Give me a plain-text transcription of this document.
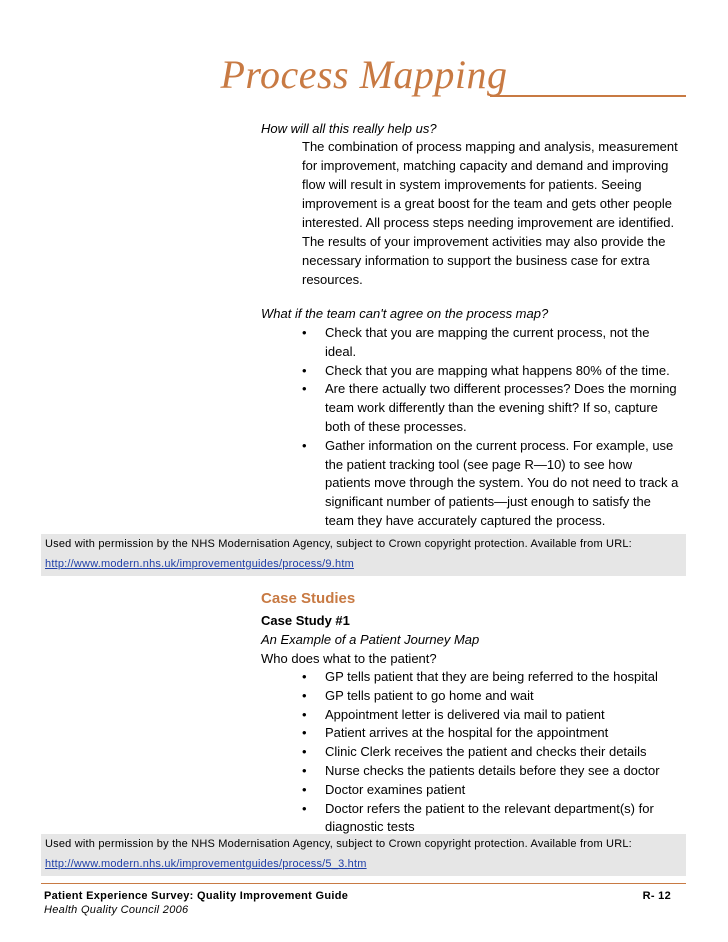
Process Mapping
How will all this really help us?
The combination of process mapping and analysis, measurement
for improvement, matching capacity and demand and improving
flow will result in system improvements for patients. Seeing
improvement is a great boost for the team and gets other people
interested. All process steps needing improvement are identified.
The results of your improvement activities may also provide the
necessary information to support the business case for extra
resources.
What if the team can't agree on the process map?
• Check that you are mapping the current process, not the
ideal.
• Check that you are mapping what happens 80% of the time.
• Are there actually two different processes? Does the morning
team work differently than the evening shift? If so, capture
both of these processes.
• Gather information on the current process. For example, use
the patient tracking tool (see page R—10) to see how
patients move through the system. You do not need to track a
significant number of patients—just enough to satisfy the
team they have accurately captured the process.
Used with permission by the NHS Modernisation Agency, subject to Crown copyright protection. Available from URL:
http://www.modern.nhs.uk/improvementguides/process/9.htm
Case Studies
Case Study #1
An Example of a Patient Journey Map
Who does what to the patient?
• GP tells patient that they are being referred to the hospital
• GP tells patient to go home and wait
• Appointment letter is delivered via mail to patient
• Patient arrives at the hospital for the appointment
• Clinic Clerk receives the patient and checks their details
• Nurse checks the patients details before they see a doctor
• Doctor examines patient
• Doctor refers the patient to the relevant department(s) for
diagnostic tests
Used with permission by the NHS Modernisation Agency, subject to Crown copyright protection. Available from URL:
http://www.modern.nhs.uk/improvementguides/process/5_3.htm
Patient Experience Survey: Quality Improvement Guide	R- 12
Health Quality Council 2006
